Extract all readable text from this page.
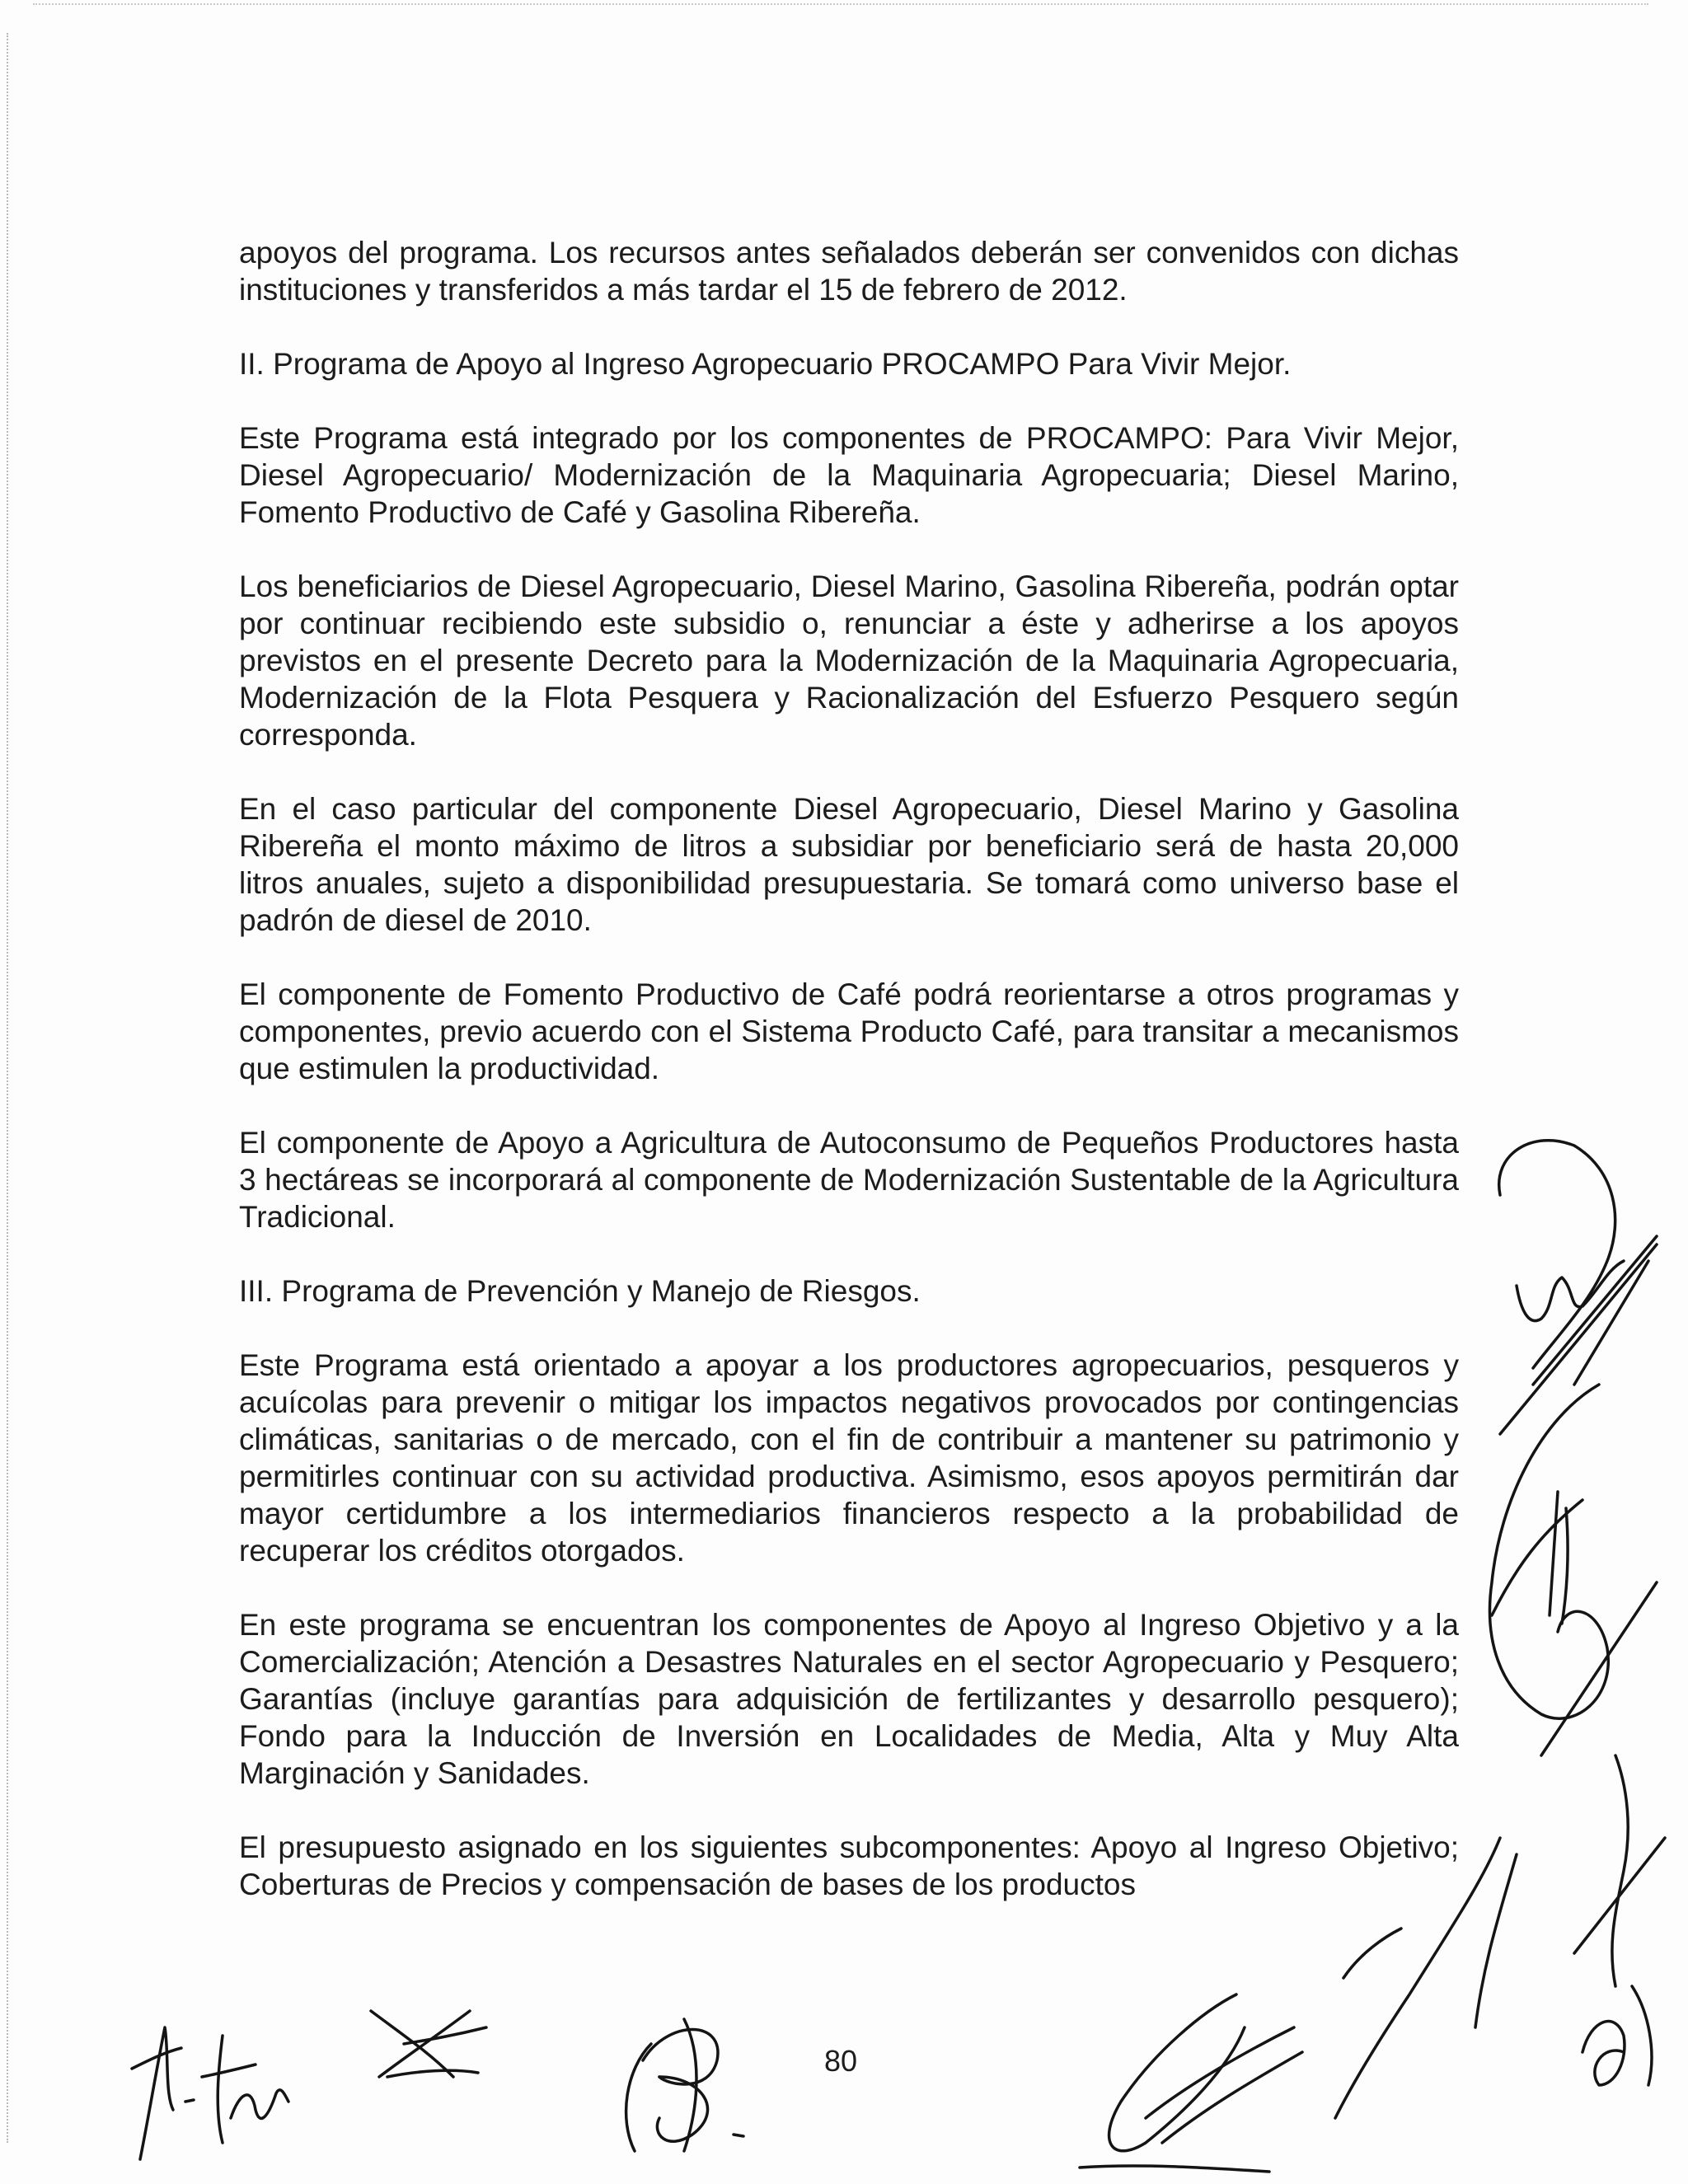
apoyos del programa. Los recursos antes señalados deberán ser convenidos con dichas instituciones y transferidos a más tardar el 15 de febrero de 2012.

II. Programa de Apoyo al Ingreso Agropecuario PROCAMPO Para Vivir Mejor.

Este Programa está integrado por los componentes de PROCAMPO: Para Vivir Mejor, Diesel Agropecuario/ Modernización de la Maquinaria Agropecuaria; Diesel Marino, Fomento Productivo de Café y Gasolina Ribereña.

Los beneficiarios de Diesel Agropecuario, Diesel Marino, Gasolina Ribereña, podrán optar por continuar recibiendo este subsidio o, renunciar a éste y adherirse a los apoyos previstos en el presente Decreto para la Modernización de la Maquinaria Agropecuaria, Modernización de la Flota Pesquera y Racionalización del Esfuerzo Pesquero según corresponda.

En el caso particular del componente Diesel Agropecuario, Diesel Marino y Gasolina Ribereña el monto máximo de litros a subsidiar por beneficiario será de hasta 20,000 litros anuales, sujeto a disponibilidad presupuestaria. Se tomará como universo base el padrón de diesel de 2010.

El componente de Fomento Productivo de Café podrá reorientarse a otros programas y componentes, previo acuerdo con el Sistema Producto Café, para transitar a mecanismos que estimulen la productividad.

El componente de Apoyo a Agricultura de Autoconsumo de Pequeños Productores hasta 3 hectáreas se incorporará al componente de Modernización Sustentable de la Agricultura Tradicional.

III. Programa de Prevención y Manejo de Riesgos.

Este Programa está orientado a apoyar a los productores agropecuarios, pesqueros y acuícolas para prevenir o mitigar los impactos negativos provocados por contingencias climáticas, sanitarias o de mercado, con el fin de contribuir a mantener su patrimonio y permitirles continuar con su actividad productiva. Asimismo, esos apoyos permitirán dar mayor certidumbre a los intermediarios financieros respecto a la probabilidad de recuperar los créditos otorgados.

En este programa se encuentran los componentes de Apoyo al Ingreso Objetivo y a la Comercialización; Atención a Desastres Naturales en el sector Agropecuario y Pesquero; Garantías (incluye garantías para adquisición de fertilizantes y desarrollo pesquero); Fondo para la Inducción de Inversión en Localidades de Media, Alta y Muy Alta Marginación y Sanidades.

El presupuesto asignado en los siguientes subcomponentes: Apoyo al Ingreso Objetivo; Coberturas de Precios y compensación de bases de los productos

80
